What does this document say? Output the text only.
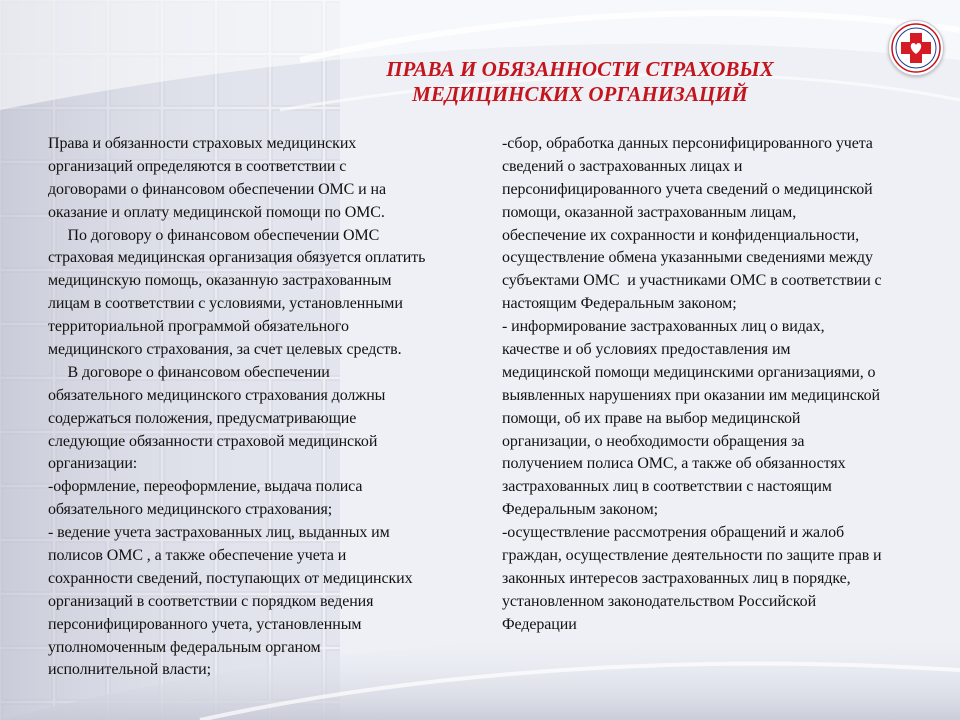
ПРАВА И ОБЯЗАННОСТИ СТРАХОВЫХ
МЕДИЦИНСКИХ ОРГАНИЗАЦИЙ
Права и обязанности страховых медицинских
организаций определяются в соответствии с
договорами о финансовом обеспечении ОМС и на
оказание и оплату медицинской помощи по ОМС.
По договору о финансовом обеспечении ОМС
страховая медицинская организация обязуется оплатить
медицинскую помощь, оказанную застрахованным
лицам в соответствии с условиями, установленными
территориальной программой обязательного
медицинского страхования, за счет целевых средств.
В договоре о финансовом обеспечении
обязательного медицинского страхования должны
содержаться положения, предусматривающие
следующие обязанности страховой медицинской
организации:
-оформление, переоформление, выдача полиса
обязательного медицинского страхования;
- ведение учета застрахованных лиц, выданных им
полисов ОМС , а также обеспечение учета и
сохранности сведений, поступающих от медицинских
организаций в соответствии с порядком ведения
персонифицированного учета, установленным
уполномоченным федеральным органом
исполнительной власти;
-сбор, обработка данных персонифицированного учета
сведений о застрахованных лицах и
персонифицированного учета сведений о медицинской
помощи, оказанной застрахованным лицам,
обеспечение их сохранности и конфиденциальности,
осуществление обмена указанными сведениями между
субъектами ОМС  и участниками ОМС в соответствии с
настоящим Федеральным законом;
- информирование застрахованных лиц о видах,
качестве и об условиях предоставления им
медицинской помощи медицинскими организациями, о
выявленных нарушениях при оказании им медицинской
помощи, об их праве на выбор медицинской
организации, о необходимости обращения за
получением полиса ОМС, а также об обязанностях
застрахованных лиц в соответствии с настоящим
Федеральным законом;
-осуществление рассмотрения обращений и жалоб
граждан, осуществление деятельности по защите прав и
законных интересов застрахованных лиц в порядке,
установленном законодательством Российской
Федерации
